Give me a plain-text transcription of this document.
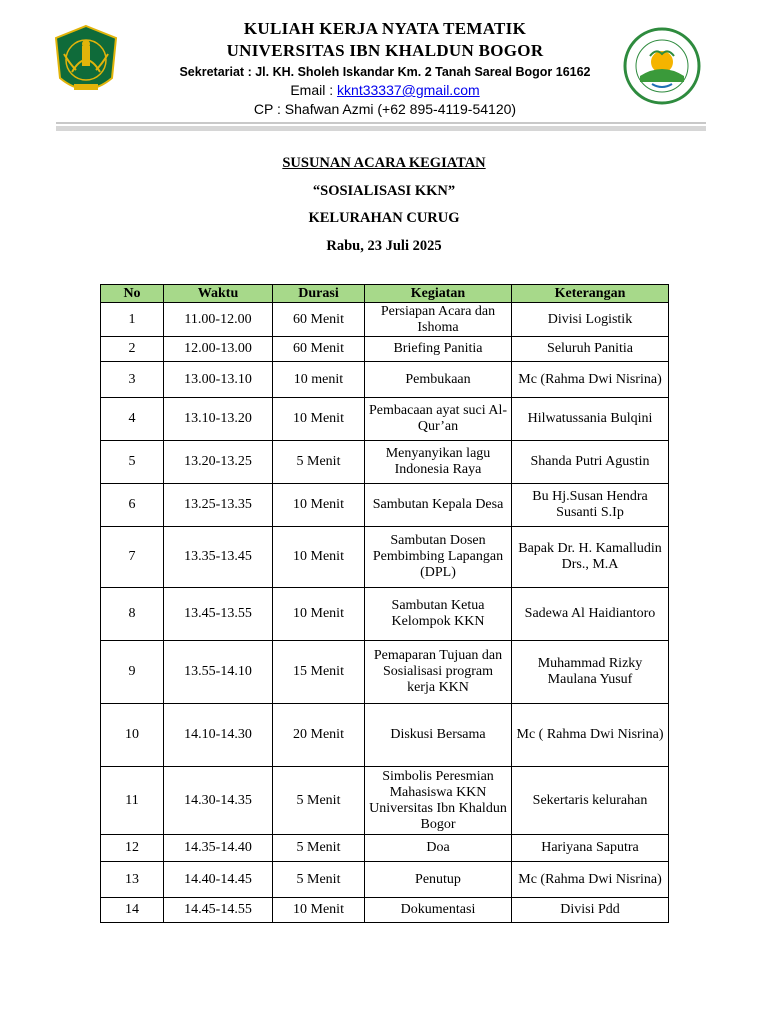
KULIAH KERJA NYATA TEMATIK
UNIVERSITAS IBN KHALDUN BOGOR
Sekretariat : Jl. KH. Sholeh Iskandar Km. 2 Tanah Sareal Bogor 16162
Email : kknt33337@gmail.com
CP : Shafwan Azmi (+62 895-4119-54120)
SUSUNAN ACARA KEGIATAN
“SOSIALISASI KKN”
KELURAHAN CURUG
Rabu, 23 Juli 2025
No	Waktu	Durasi	Kegiatan	Keterangan
1	11.00-12.00	60 Menit	Persiapan Acara dan Ishoma	Divisi Logistik
2	12.00-13.00	60 Menit	Briefing Panitia	Seluruh Panitia
3	13.00-13.10	10 menit	Pembukaan	Mc (Rahma Dwi Nisrina)
4	13.10-13.20	10 Menit	Pembacaan ayat suci Al-Qur’an	Hilwatussania Bulqini
5	13.20-13.25	5 Menit	Menyanyikan lagu Indonesia Raya	Shanda Putri Agustin
6	13.25-13.35	10 Menit	Sambutan Kepala Desa	Bu Hj.Susan Hendra Susanti S.Ip
7	13.35-13.45	10 Menit	Sambutan Dosen Pembimbing Lapangan (DPL)	Bapak Dr. H. Kamalludin Drs., M.A
8	13.45-13.55	10 Menit	Sambutan Ketua Kelompok KKN	Sadewa Al Haidiantoro
9	13.55-14.10	15 Menit	Pemaparan Tujuan dan Sosialisasi program kerja KKN	Muhammad Rizky Maulana Yusuf
10	14.10-14.30	20 Menit	Diskusi Bersama	Mc ( Rahma Dwi Nisrina)
11	14.30-14.35	5 Menit	Simbolis Peresmian Mahasiswa KKN Universitas Ibn Khaldun Bogor	Sekertaris kelurahan
12	14.35-14.40	5 Menit	Doa	Hariyana Saputra
13	14.40-14.45	5 Menit	Penutup	Mc (Rahma Dwi Nisrina)
14	14.45-14.55	10 Menit	Dokumentasi	Divisi Pdd
